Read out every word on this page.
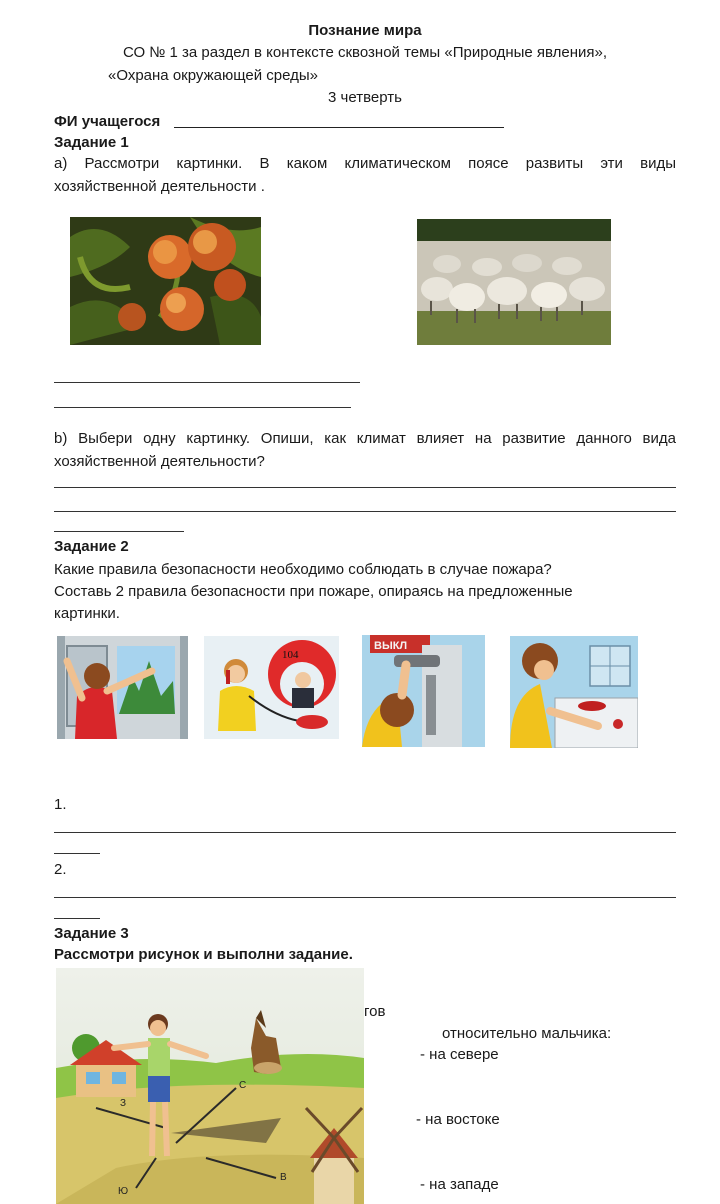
Познание мира
СО № 1 за раздел в контексте сквозной темы «Природные явления»,
«Охрана окружающей среды»
3 четверть
ФИ учащегося
Задание 1
a) Рассмотри картинки. В каком климатическом поясе развиты эти виды
хозяйственной деятельности .
b) Выбери одну картинку. Опиши, как климат влияет на развитие данного вида
хозяйственной деятельности?
Задание 2
Какие правила безопасности необходимо соблюдать в случае пожара?
Составь 2 правила безопасности при пожаре, опираясь на предложенные
картинки.
104
ВЫКЛ
1.
2.
Задание 3
Рассмотри рисунок и выполни задание.
С
В
Ю
З
гов
относительно мальчика:
- на севере
- на востоке
- на западе
